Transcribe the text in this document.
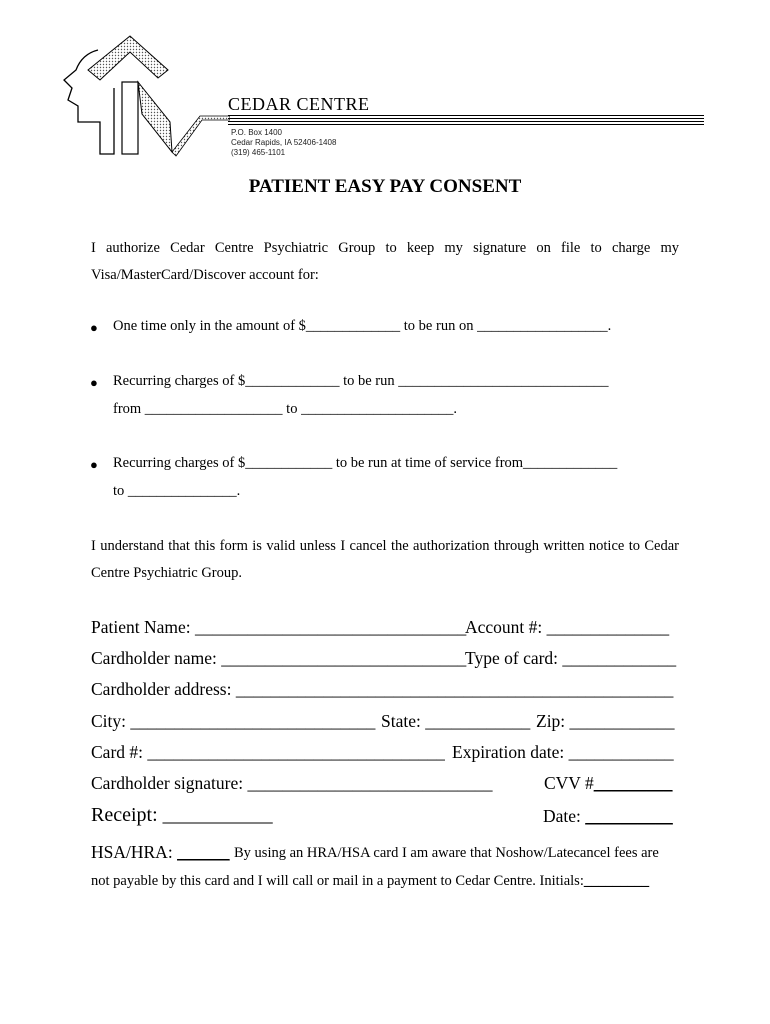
CEDAR CENTRE
P.O. Box 1400
Cedar Rapids, IA 52406-1408
(319) 465-1101
PATIENT EASY PAY CONSENT
I authorize Cedar Centre Psychiatric Group to keep my signature on file to charge my Visa/MasterCard/Discover account for:
● One time only in the amount of $_____________ to be run on __________________.
● Recurring charges of $_____________ to be run _____________________________
from ___________________ to _____________________.
● Recurring charges of $____________ to be run at time of service from_____________
to _______________.
I understand that this form is valid unless I cancel the authorization through written notice to Cedar Centre Psychiatric Group.
Patient Name: _______________________________
Account #: ______________
Cardholder name: ____________________________
Type of card: _____________
Cardholder address: __________________________________________________
City: ____________________________ State: ____________ Zip: ____________
Card #: __________________________________ Expiration date: ____________
Cardholder signature: ____________________________	CVV #_________
Receipt: ___________	Date: __________
HSA/HRA: ______ By using an HRA/HSA card I am aware that Noshow/Latecancel fees are
not payable by this card and I will call or mail in a payment to Cedar Centre. Initials:_________
